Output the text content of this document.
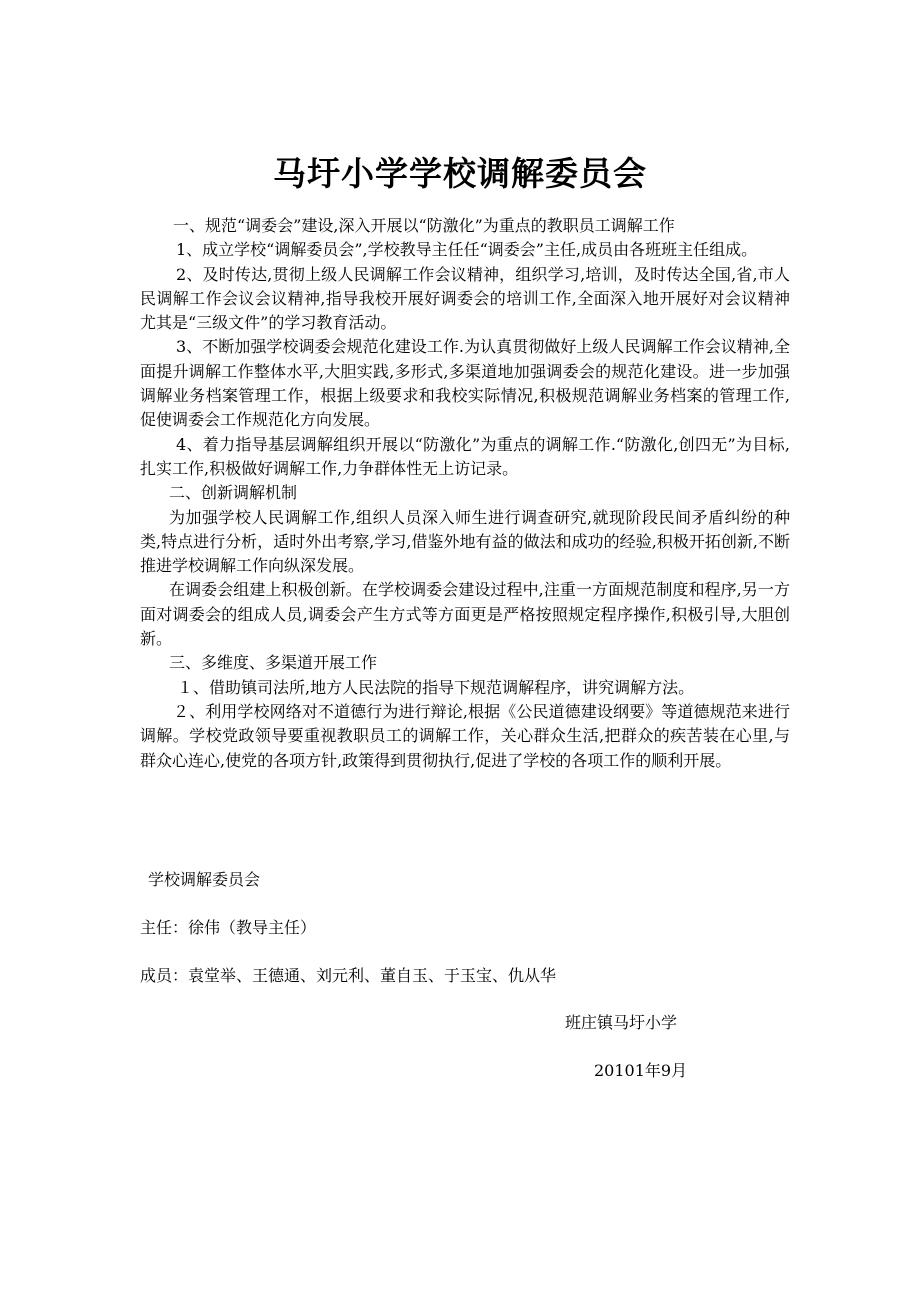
马圩小学学校调解委员会

一、规范“调委会”建设,深入开展以“防激化”为重点的教职员工调解工作

1、成立学校“调解委员会”,学校教导主任任“调委会”主任,成员由各班班主任组成。

2、及时传达,贯彻上级人民调解工作会议精神，组织学习,培训，及时传达全国,省,市人民调解工作会议会议精神,指导我校开展好调委会的培训工作,全面深入地开展好对会议精神尤其是“三级文件”的学习教育活动。

3、不断加强学校调委会规范化建设工作.为认真贯彻做好上级人民调解工作会议精神,全面提升调解工作整体水平,大胆实践,多形式,多渠道地加强调委会的规范化建设。进一步加强调解业务档案管理工作，根据上级要求和我校实际情况,积极规范调解业务档案的管理工作,促使调委会工作规范化方向发展。

4、着力指导基层调解组织开展以“防激化”为重点的调解工作.“防激化,创四无”为目标,扎实工作,积极做好调解工作,力争群体性无上访记录。

二、创新调解机制

为加强学校人民调解工作,组织人员深入师生进行调查研究,就现阶段民间矛盾纠纷的种类,特点进行分析，适时外出考察,学习,借鉴外地有益的做法和成功的经验,积极开拓创新,不断推进学校调解工作向纵深发展。

在调委会组建上积极创新。在学校调委会建设过程中,注重一方面规范制度和程序,另一方面对调委会的组成人员,调委会产生方式等方面更是严格按照规定程序操作,积极引导,大胆创新。

三、多维度、多渠道开展工作

１、借助镇司法所,地方人民法院的指导下规范调解程序，讲究调解方法。

２、利用学校网络对不道德行为进行辩论,根据《公民道德建设纲要》等道德规范来进行调解。学校党政领导要重视教职员工的调解工作，关心群众生活,把群众的疾苦装在心里,与群众心连心,使党的各项方针,政策得到贯彻执行,促进了学校的各项工作的顺利开展。

学校调解委员会
主任：徐伟（教导主任）
成员：袁堂举、王德通、刘元利、董自玉、于玉宝、仇从华
班庄镇马圩小学
20101年9月
